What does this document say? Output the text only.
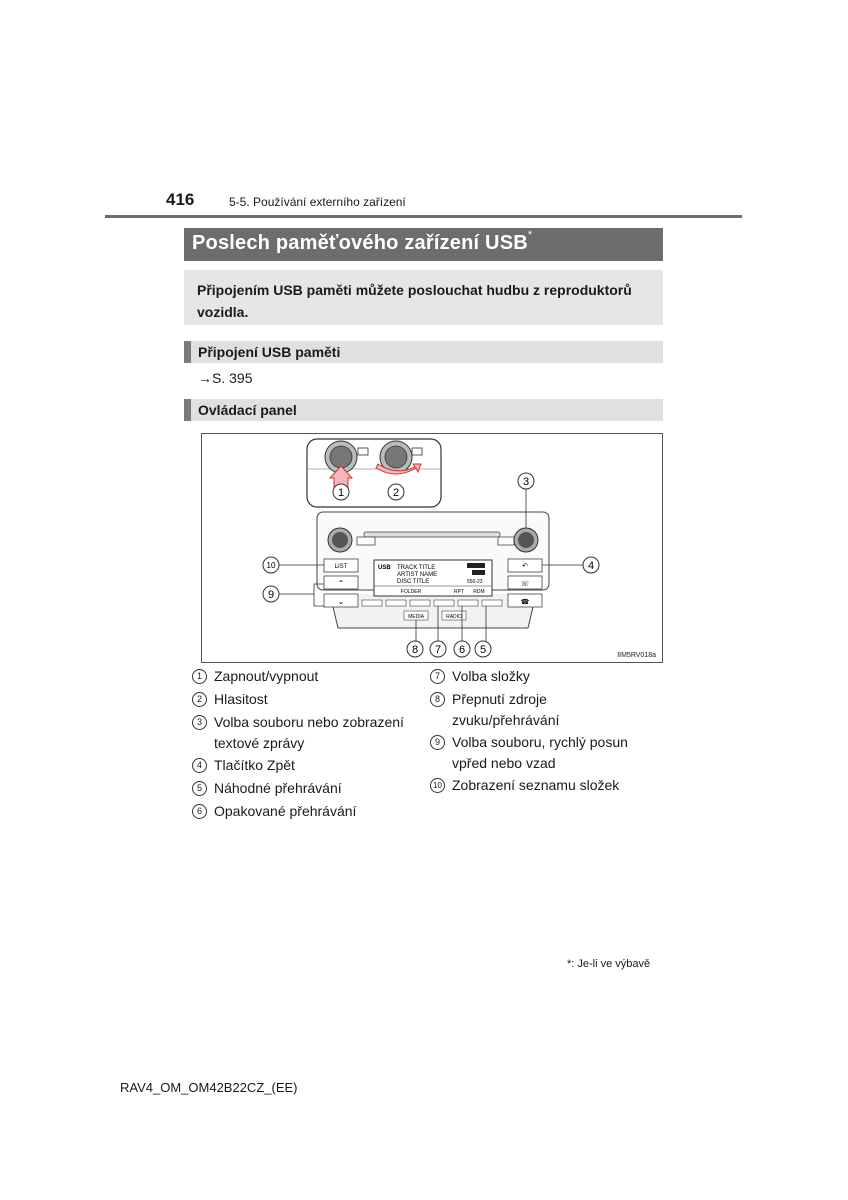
416	5-5. Používání externího zařízení
Poslech paměťového zařízení USB*
Připojením USB paměti můžete poslouchat hudbu z reproduktorů vozidla.
Připojení USB paměti
→S. 395
Ovládací panel
1	2
LIST
⌃
⌄
↶
☏
☎
USB TRACK TITLE
ARTIST NAME
DISC TITLE	550-23
FOLDER	RPT RDM
MEDIA	RADIO
3
4
10
9
8 7 6 5	IIM5RV018a
1 Zapnout/vypnout
2 Hlasitost
3 Volba souboru nebo zobrazení textové zprávy
4 Tlačítko Zpět
5 Náhodné přehrávání
6 Opakované přehrávání
7 Volba složky
8 Přepnutí zdroje zvuku/přehrávání
9 Volba souboru, rychlý posun vpřed nebo vzad
10 Zobrazení seznamu složek
*: Je-li ve výbavě
RAV4_OM_OM42B22CZ_(EE)
